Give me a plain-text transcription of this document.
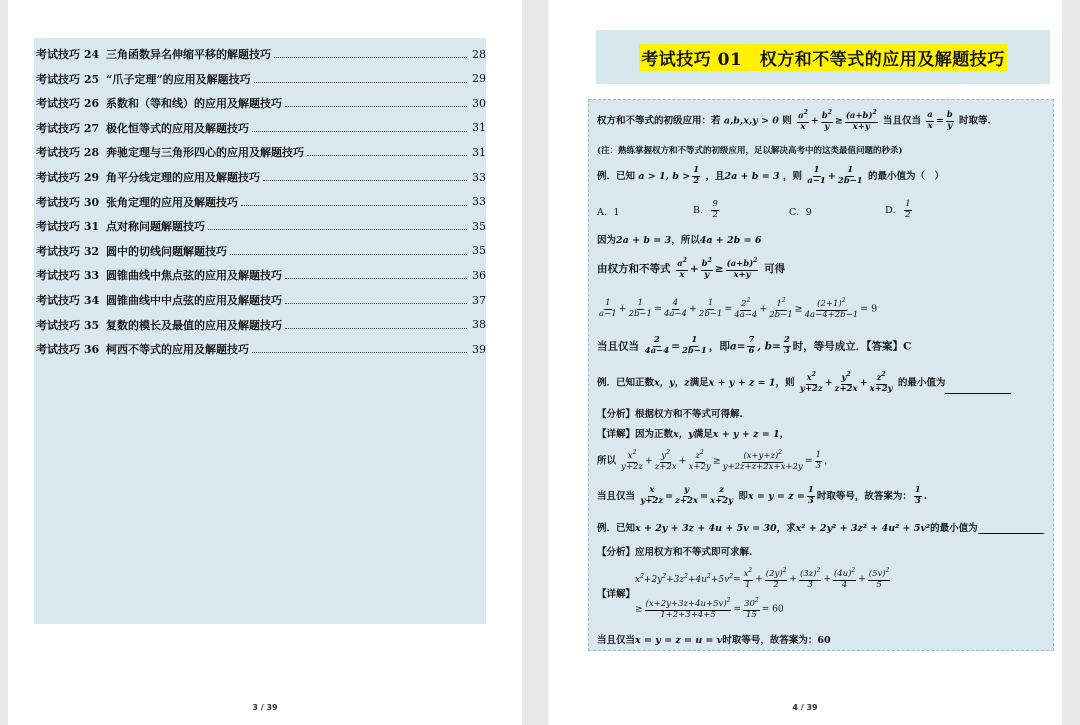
考试技巧 24 三角函数异名伸缩平移的解题技巧	28
考试技巧 25 “爪子定理”的应用及解题技巧	29
考试技巧 26 系数和（等和线）的应用及解题技巧	30
考试技巧 27 极化恒等式的应用及解题技巧	31
考试技巧 28 奔驰定理与三角形四心的应用及解题技巧	31
考试技巧 29 角平分线定理的应用及解题技巧	33
考试技巧 30 张角定理的应用及解题技巧	33
考试技巧 31 点对称问题解题技巧	35
考试技巧 32 圆中的切线问题解题技巧	35
考试技巧 33 圆锥曲线中焦点弦的应用及解题技巧	36
考试技巧 34 圆锥曲线中中点弦的应用及解题技巧	37
考试技巧 35 复数的模长及最值的应用及解题技巧	38
考试技巧 36 柯西不等式的应用及解题技巧	39
3 / 39
考试技巧 01　权方和不等式的应用及解题技巧
权方和不等式的初级应用：若 a,b,x,y > 0 则 $\frac{a^2}{x} + \frac{b^2}{y} \ge \frac{(a+b)^2}{x+y}$ 当且仅当 $\frac{a}{x} = \frac{b}{y}$ 时取等.
(注：熟练掌握权方和不等式的初级应用，足以解决高考中的这类最值问题的秒杀)
例．已知 a > 1, $b > \frac{1}{2}$ ，且2a + b = 3 ，则 $\frac{1}{a-1} + \frac{1}{2b-1}$ 的最小值为（　）
A．1	B． $\frac{9}{2}$	C．9	D． $\frac{1}{2}$
因为2a + b = 3，所以4a + 2b = 6
由权方和不等式 $\frac{a^2}{x} + \frac{b^2}{y} \ge \frac{(a+b)^2}{x+y}$ 可得
$\frac{1}{a-1} + \frac{1}{2b-1} = \frac{4}{4a-4} + \frac{1}{2b-1} = \frac{2^2}{4a-4} + \frac{1^2}{2b-1} \ge \frac{(2+1)^2}{4a-4+2b-1} = 9$
当且仅当 $\frac{2}{4a-4} = \frac{1}{2b-1}$ ，即$a= \frac{7}{6}$ , $b= \frac{2}{3}$ 时，等号成立．【答案】C
例．已知正数x，y，z满足x + y + z = 1，则 $\frac{x^2}{y+2z} + \frac{y^2}{z+2x} + \frac{z^2}{x+2y}$ 的最小值为
【分析】根据权方和不等式可得解.
【详解】因为正数x，y满足x + y + z = 1，
所以 $\frac{x^2}{y+2z} + \frac{y^2}{z+2x} + \frac{z^2}{x+2y} \ge \frac{(x+y+z)^2}{y+2z+z+2x+x+2y} = \frac{1}{3}$ ，
当且仅当 $\frac{x}{y+2z} = \frac{y}{z+2x} = \frac{z}{x+2y}$ 即$x = y = z = \frac{1}{3}$ 时取等号，故答案为： $\frac{1}{3}$ .
例．已知x + 2y + 3z + 4u + 5v = 30，求x² + 2y² + 3z² + 4u² + 5v²的最小值为
【分析】应用权方和不等式即可求解.
【详解】
$x^2+2y^2+3z^2+4u^2+5v^2= \frac{x^2}{1} + \frac{(2y)^2}{2} + \frac{(3z)^2}{3} + \frac{(4u)^2}{4} + \frac{(5v)^2}{5}$
≥ $\frac{(x+2y+3z+4u+5v)^2}{1+2+3+4+5} = \frac{30^2}{15} = 60$
当且仅当x = y = z = u = v时取等号，故答案为：60
4 / 39
